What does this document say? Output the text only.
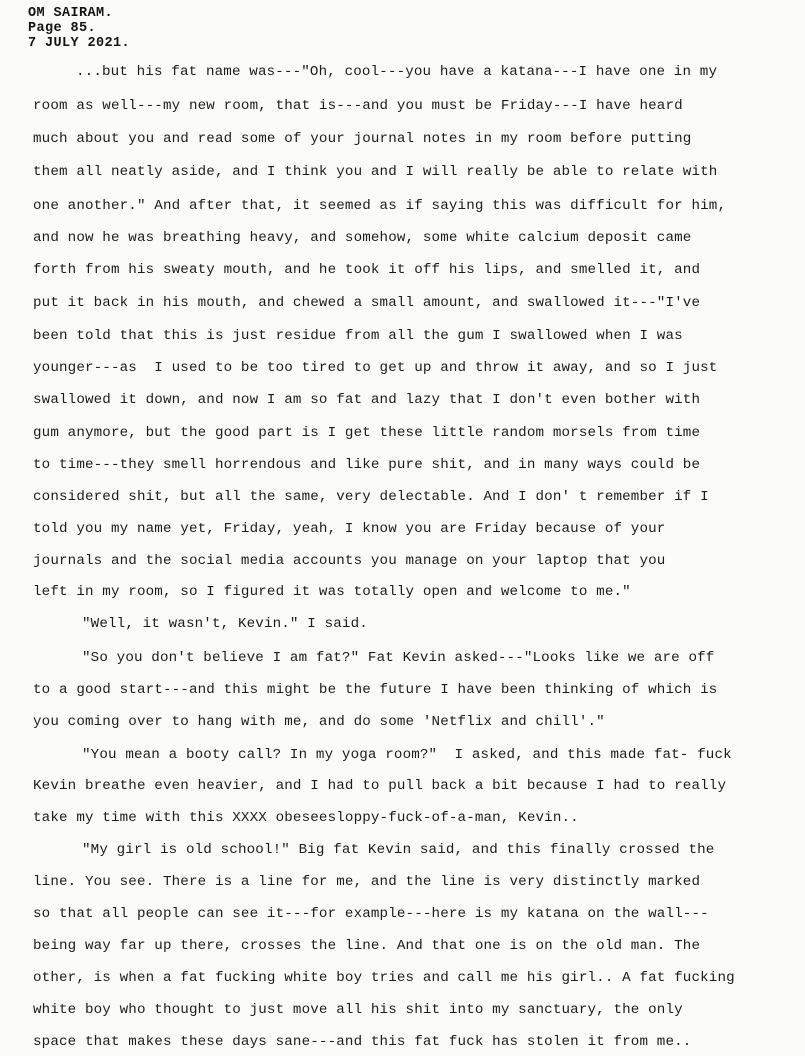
OM SAIRAM.
Page 85.
7 JULY 2021.
...but his fat name was---"Oh, cool---you have a katana---I have one in my
room as well---my new room, that is---and you must be Friday---I have heard
much about you and read some of your journal notes in my room before putting
them all neatly aside, and I think you and I will really be able to relate with
one another." And after that, it seemed as if saying this was difficult for him,
and now he was breathing heavy, and somehow, some white calcium deposit came
forth from his sweaty mouth, and he took it off his lips, and smelled it, and
put it back in his mouth, and chewed a small amount, and swallowed it---"I've
been told that this is just residue from all the gum I swallowed when I was
younger---as  I used to be too tired to get up and throw it away, and so I just
swallowed it down, and now I am so fat and lazy that I don't even bother with
gum anymore, but the good part is I get these little random morsels from time
to time---they smell horrendous and like pure shit, and in many ways could be
considered shit, but all the same, very delectable. And I don' t remember if I
told you my name yet, Friday, yeah, I know you are Friday because of your
journals and the social media accounts you manage on your laptop that you
left in my room, so I figured it was totally open and welcome to me."
"Well, it wasn't, Kevin." I said.
"So you don't believe I am fat?" Fat Kevin asked---"Looks like we are off
to a good start---and this might be the future I have been thinking of which is
you coming over to hang with me, and do some 'Netflix and chill'."
"You mean a booty call? In my yoga room?"  I asked, and this made fat- fuck
Kevin breathe even heavier, and I had to pull back a bit because I had to really
take my time with this XXXX obeseesloppy-fuck-of-a-man, Kevin..
"My girl is old school!" Big fat Kevin said, and this finally crossed the
line. You see. There is a line for me, and the line is very distinctly marked
so that all people can see it---for example---here is my katana on the wall---
being way far up there, crosses the line. And that one is on the old man. The
other, is when a fat fucking white boy tries and call me his girl.. A fat fucking
white boy who thought to just move all his shit into my sanctuary, the only
space that makes these days sane---and this fat fuck has stolen it from me..
